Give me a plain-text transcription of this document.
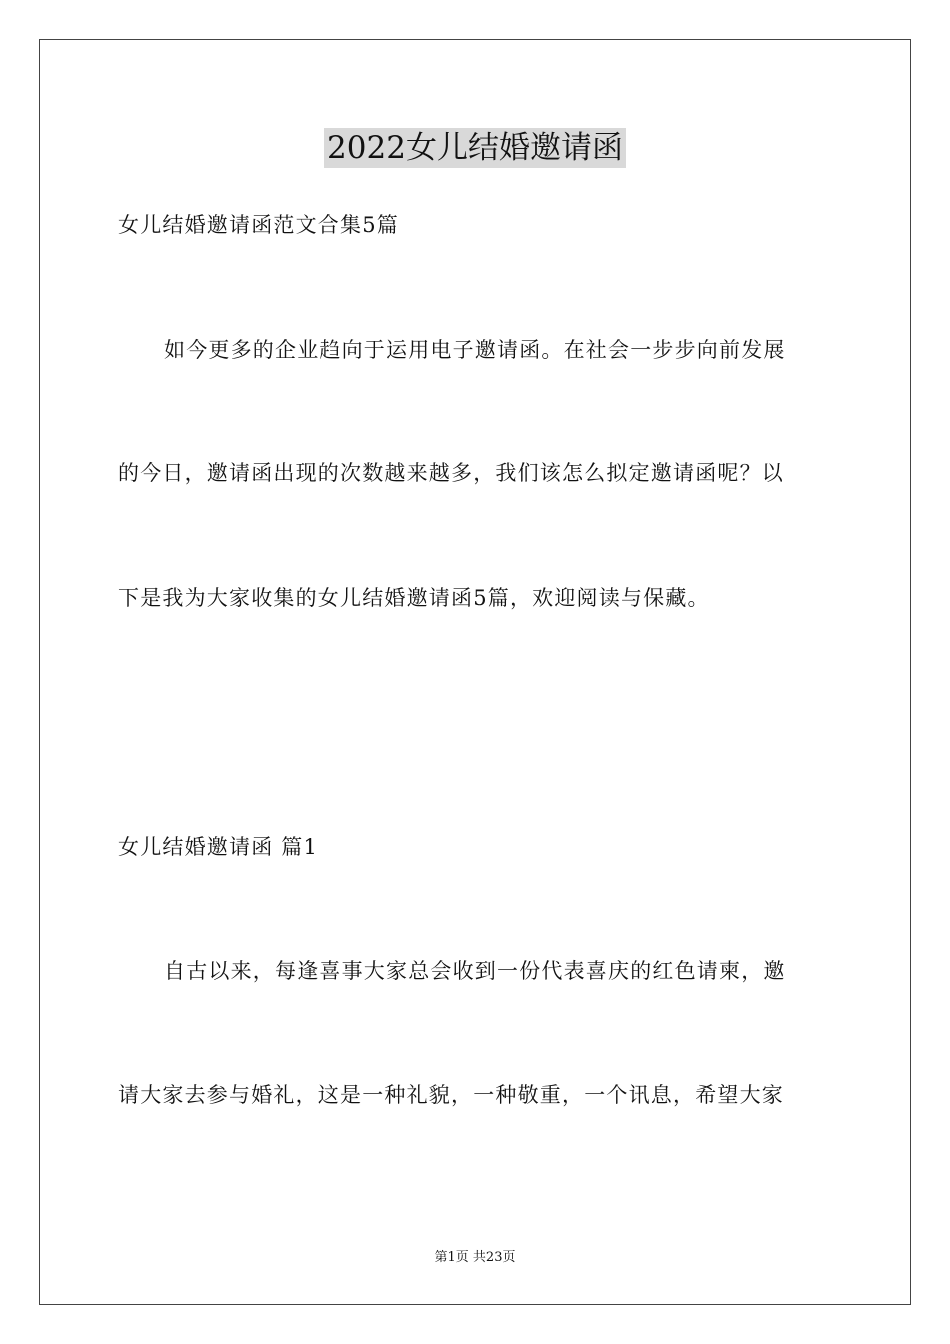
2022女儿结婚邀请函
女儿结婚邀请函范文合集5篇
如今更多的企业趋向于运用电子邀请函。在社会一步步向前发展
的今日，邀请函出现的次数越来越多，我们该怎么拟定邀请函呢？以
下是我为大家收集的女儿结婚邀请函5篇，欢迎阅读与保藏。
女儿结婚邀请函 篇1
自古以来，每逢喜事大家总会收到一份代表喜庆的红色请柬，邀
请大家去参与婚礼，这是一种礼貌，一种敬重，一个讯息，希望大家
第1页 共23页
